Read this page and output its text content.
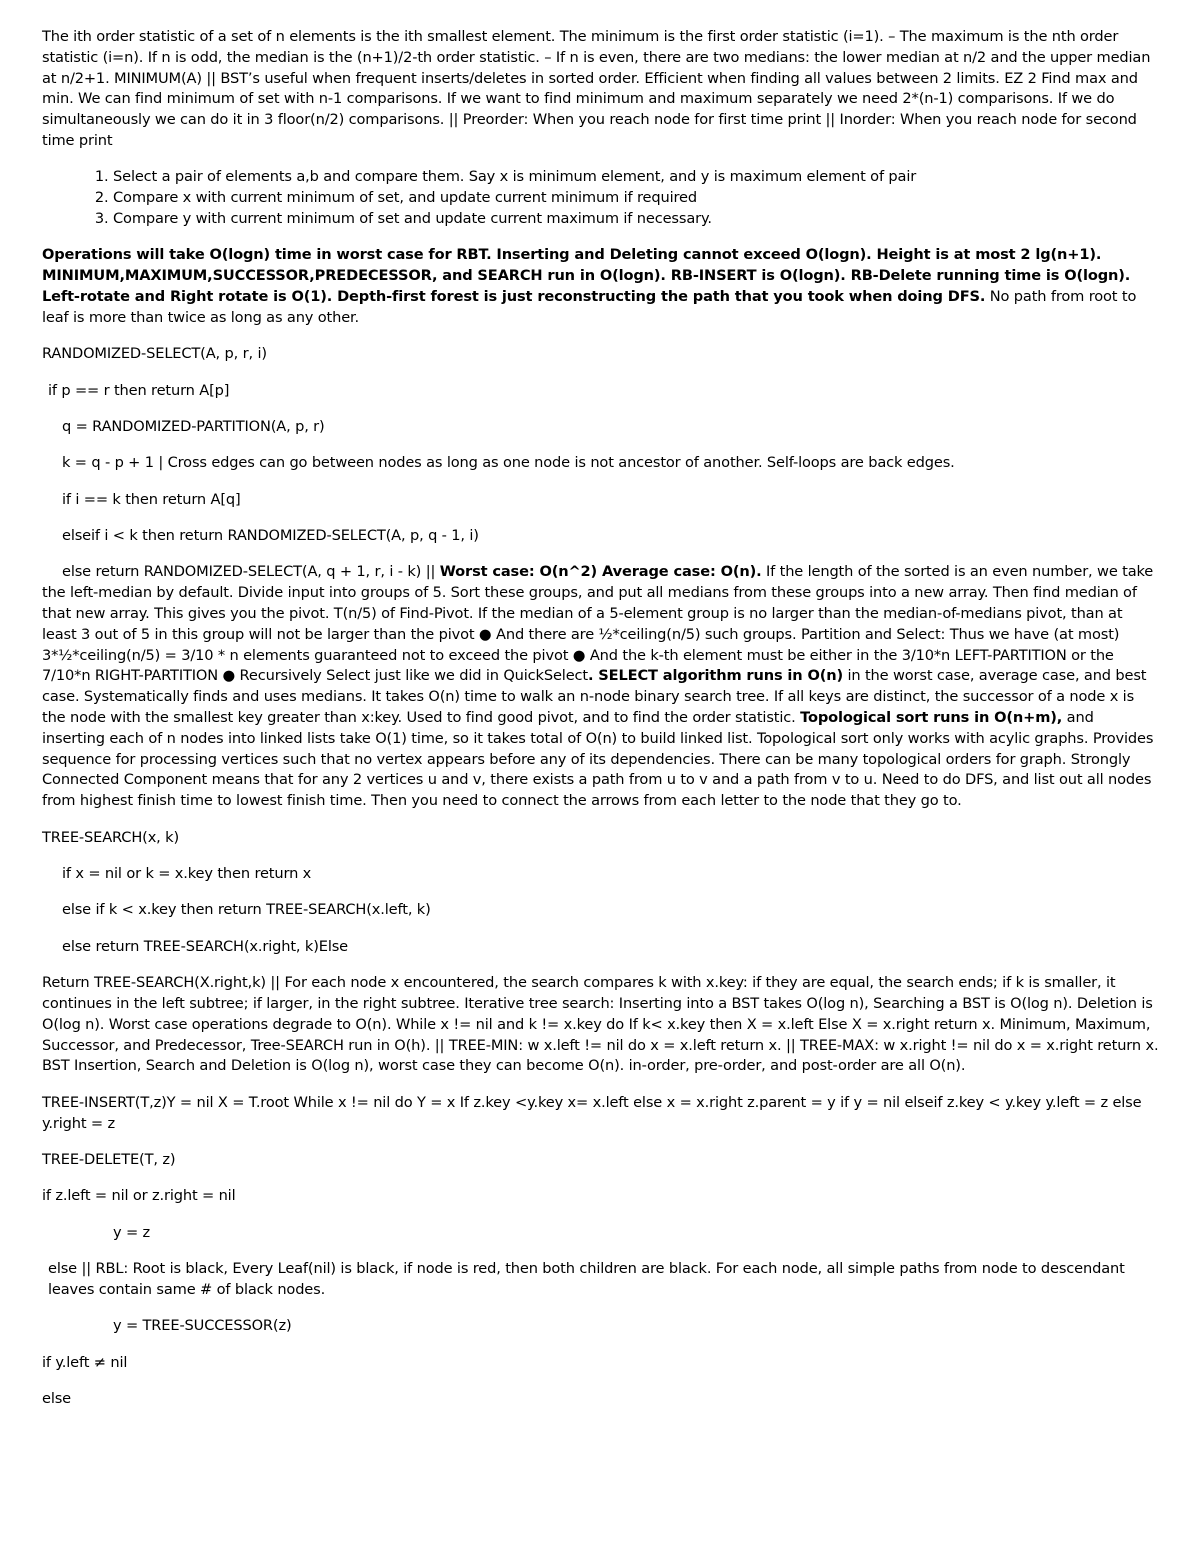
The ith order statistic of a set of n elements is the ith smallest element. The minimum is the first order statistic (i=1). – The maximum is the nth order statistic (i=n). If n is odd, the median is the (n+1)/2-th order statistic. – If n is even, there are two medians: the lower median at n/2 and the upper median at n/2+1. MINIMUM(A) || BST’s useful when frequent inserts/deletes in sorted order. Efficient when finding all values between 2 limits. EZ 2 Find max and min. We can find minimum of set with n-1 comparisons. If we want to find minimum and maximum separately we need 2*(n-1) comparisons. If we do simultaneously we can do it in 3 floor(n/2) comparisons. || Preorder: When you reach node for first time print || Inorder: When you reach node for second time print

1. Select a pair of elements a,b and compare them. Say x is minimum element, and y is maximum element of pair
2. Compare x with current minimum of set, and update current minimum if required
3. Compare y with current minimum of set and update current maximum if necessary.

Operations will take O(logn) time in worst case for RBT. Inserting and Deleting cannot exceed O(logn). Height is at most 2 lg(n+1). MINIMUM,MAXIMUM,SUCCESSOR,PREDECESSOR, and SEARCH run in O(logn). RB-INSERT is O(logn). RB-Delete running time is O(logn). Left-rotate and Right rotate is O(1). Depth-first forest is just reconstructing the path that you took when doing DFS. No path from root to leaf is more than twice as long as any other.

RANDOMIZED-SELECT(A, p, r, i)

if p == r then return A[p]

q = RANDOMIZED-PARTITION(A, p, r)

k = q - p + 1 | Cross edges can go between nodes as long as one node is not ancestor of another. Self-loops are back edges.

if i == k then return A[q]

elseif i < k then return RANDOMIZED-SELECT(A, p, q - 1, i)

else return RANDOMIZED-SELECT(A, q + 1, r, i - k) || Worst case: O(n^2) Average case: O(n). If the length of the sorted is an even number, we take the left-median by default. Divide input into groups of 5. Sort these groups, and put all medians from these groups into a new array. Then find median of that new array. This gives you the pivot. T(n/5) of Find-Pivot. If the median of a 5-element group is no larger than the median-of-medians pivot, than at least 3 out of 5 in this group will not be larger than the pivot ● And there are ½*ceiling(n/5) such groups. Partition and Select: Thus we have (at most) 3*½*ceiling(n/5) = 3/10 * n elements guaranteed not to exceed the pivot ● And the k-th element must be either in the 3/10*n LEFT-PARTITION or the 7/10*n RIGHT-PARTITION ● Recursively Select just like we did in QuickSelect. SELECT algorithm runs in O(n) in the worst case, average case, and best case. Systematically finds and uses medians. It takes O(n) time to walk an n-node binary search tree. If all keys are distinct, the successor of a node x is the node with the smallest key greater than x:key. Used to find good pivot, and to find the order statistic. Topological sort runs in O(n+m), and inserting each of n nodes into linked lists take O(1) time, so it takes total of O(n) to build linked list. Topological sort only works with acylic graphs. Provides sequence for processing vertices such that no vertex appears before any of its dependencies. There can be many topological orders for graph. Strongly Connected Component means that for any 2 vertices u and v, there exists a path from u to v and a path from v to u. Need to do DFS, and list out all nodes from highest finish time to lowest finish time. Then you need to connect the arrows from each letter to the node that they go to.

TREE-SEARCH(x, k)

if x = nil or k = x.key then return x

else if k < x.key then return TREE-SEARCH(x.left, k)

else return TREE-SEARCH(x.right, k)Else

Return TREE-SEARCH(X.right,k) || For each node x encountered, the search compares k with x.key: if they are equal, the search ends; if k is smaller, it continues in the left subtree; if larger, in the right subtree. Iterative tree search: Inserting into a BST takes O(log n), Searching a BST is O(log n). Deletion is O(log n). Worst case operations degrade to O(n). While x != nil and k != x.key do If k< x.key then X = x.left Else X = x.right return x. Minimum, Maximum, Successor, and Predecessor, Tree-SEARCH run in O(h). || TREE-MIN: w x.left != nil do x = x.left return x. || TREE-MAX: w x.right != nil do x = x.right return x. BST Insertion, Search and Deletion is O(log n), worst case they can become O(n). in-order, pre-order, and post-order are all O(n).

TREE-INSERT(T,z)Y = nil X = T.root While x != nil do Y = x If z.key <y.key x= x.left else x = x.right z.parent = y if y = nil elseif z.key < y.key y.left = z else y.right = z

TREE-DELETE(T, z)

if z.left = nil or z.right = nil

y = z

else || RBL: Root is black, Every Leaf(nil) is black, if node is red, then both children are black. For each node, all simple paths from node to descendant leaves contain same # of black nodes.

y = TREE-SUCCESSOR(z)

if y.left ≠ nil

else
